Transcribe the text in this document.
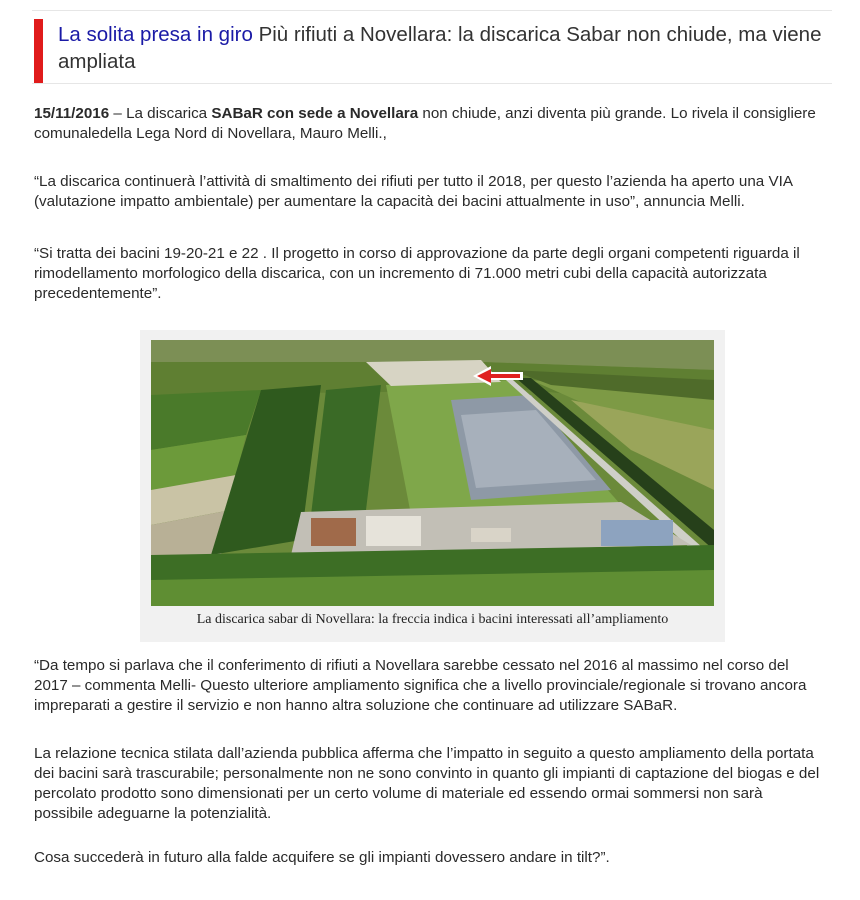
La solita presa in giro Più rifiuti a Novellara: la discarica Sabar non chiude, ma viene ampliata

15/11/2016 – La discarica SABaR con sede a Novellara non chiude, anzi diventa più grande. Lo rivela il consigliere comunaledella Lega Nord di Novellara, Mauro Melli.,

“La discarica continuerà l’attività di smaltimento dei rifiuti per tutto il 2018, per questo l’azienda ha aperto una VIA (valutazione impatto ambientale) per aumentare la capacità dei bacini attualmente in uso”, annuncia Melli.

“Si tratta dei bacini 19-20-21 e 22 . Il progetto in corso di approvazione da parte degli organi competenti riguarda il rimodellamento morfologico della discarica, con un incremento di 71.000 metri cubi della capacità autorizzata precedentemente”.

La discarica sabar di Novellara: la freccia indica i bacini interessati all’ampliamento

“Da tempo si parlava che il conferimento di rifiuti a Novellara sarebbe cessato nel 2016 al massimo nel corso del 2017 – commenta Melli- Questo ulteriore ampliamento significa che a livello provinciale/regionale si trovano ancora impreparati a gestire il servizio e non hanno altra soluzione che continuare ad utilizzare SABaR.

La relazione tecnica stilata dall’azienda pubblica afferma che l’impatto in seguito a questo ampliamento della portata dei bacini sarà trascurabile; personalmente non ne sono convinto in quanto gli impianti di captazione del biogas e del percolato prodotto sono dimensionati per un certo volume di materiale ed essendo ormai sommersi non sarà possibile adeguarne la potenzialità.

Cosa succederà in futuro alla falde acquifere se gli impianti dovessero andare in tilt?”.
